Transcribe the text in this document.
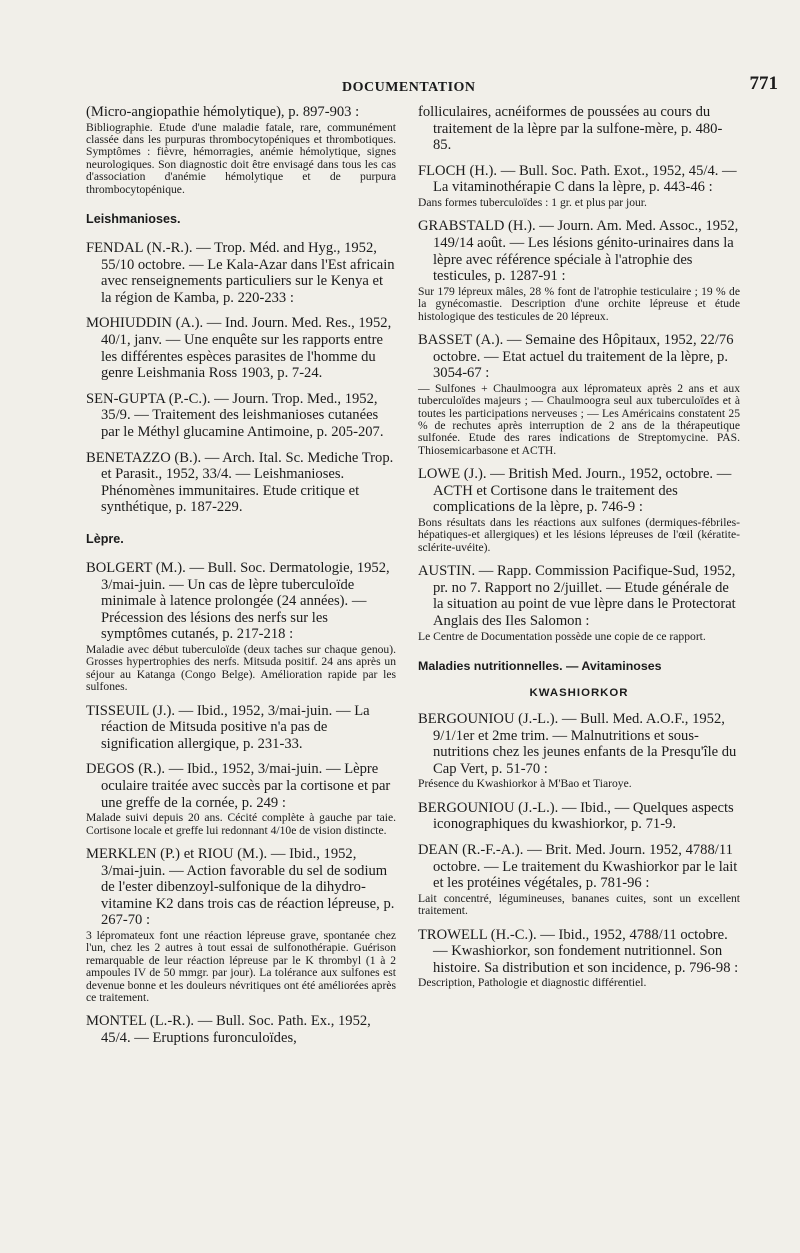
DOCUMENTATION	771
(Micro-angiopathie hémolytique), p. 897-903 :
Bibliographie. Etude d'une maladie fatale, rare, communément classée dans les purpuras thrombocytopéniques et thrombotiques. Symptômes : fièvre, hémorragies, anémie hémolytique, signes neurologiques. Son diagnostic doit être envisagé dans tous les cas d'association d'anémie hémolytique et de purpura thrombocytopénique.
Leishmanioses.
FENDAL (N.-R.). — Trop. Méd. and Hyg., 1952, 55/10 octobre. — Le Kala-Azar dans l'Est africain avec renseignements particuliers sur le Kenya et la région de Kamba, p. 220-233 :
MOHIUDDIN (A.). — Ind. Journ. Med. Res., 1952, 40/1, janv. — Une enquête sur les rapports entre les différentes espèces parasites de l'homme du genre Leishmania Ross 1903, p. 7-24.
SEN-GUPTA (P.-C.). — Journ. Trop. Med., 1952, 35/9. — Traitement des leishmanioses cutanées par le Méthyl glucamine Antimoine, p. 205-207.
BENETAZZO (B.). — Arch. Ital. Sc. Mediche Trop. et Parasit., 1952, 33/4. — Leishmanioses. Phénomènes immunitaires. Etude critique et synthétique, p. 187-229.
Lèpre.
BOLGERT (M.). — Bull. Soc. Dermatologie, 1952, 3/mai-juin. — Un cas de lèpre tuberculoïde minimale à latence prolongée (24 années). — Précession des lésions des nerfs sur les symptômes cutanés, p. 217-218 :
Maladie avec début tuberculoïde (deux taches sur chaque genou). Grosses hypertrophies des nerfs. Mitsuda positif. 24 ans après un séjour au Katanga (Congo Belge). Amélioration rapide par les sulfones.
TISSEUIL (J.). — Ibid., 1952, 3/mai-juin. — La réaction de Mitsuda positive n'a pas de signification allergique, p. 231-33.
DEGOS (R.). — Ibid., 1952, 3/mai-juin. — Lèpre oculaire traitée avec succès par la cortisone et par une greffe de la cornée, p. 249 :
Malade suivi depuis 20 ans. Cécité complète à gauche par taie. Cortisone locale et greffe lui redonnant 4/10e de vision distincte.
MERKLEN (P.) et RIOU (M.). — Ibid., 1952, 3/mai-juin. — Action favorable du sel de sodium de l'ester dibenzoyl-sulfonique de la dihydro-vitamine K2 dans trois cas de réaction lépreuse, p. 267-70 :
3 lépromateux font une réaction lépreuse grave, spontanée chez l'un, chez les 2 autres à tout essai de sulfonothérapie. Guérison remarquable de leur réaction lépreuse par le K thrombyl (1 à 2 ampoules IV de 50 mmgr. par jour). La tolérance aux sulfones est devenue bonne et les douleurs névritiques ont été améliorées après ce traitement.
MONTEL (L.-R.). — Bull. Soc. Path. Ex., 1952, 45/4. — Eruptions furonculoïdes,
folliculaires, acnéiformes de poussées au cours du traitement de la lèpre par la sulfone-mère, p. 480-85.
FLOCH (H.). — Bull. Soc. Path. Exot., 1952, 45/4. — La vitaminothérapie C dans la lèpre, p. 443-46 :
Dans formes tuberculoïdes : 1 gr. et plus par jour.
GRABSTALD (H.). — Journ. Am. Med. Assoc., 1952, 149/14 août. — Les lésions génito-urinaires dans la lèpre avec référence spéciale à l'atrophie des testicules, p. 1287-91 :
Sur 179 lépreux mâles, 28 % font de l'atrophie testiculaire ; 19 % de la gynécomastie. Description d'une orchite lépreuse et étude histologique des testicules de 20 lépreux.
BASSET (A.). — Semaine des Hôpitaux, 1952, 22/76 octobre. — Etat actuel du traitement de la lèpre, p. 3054-67 :
— Sulfones + Chaulmoogra aux lépromateux après 2 ans et aux tuberculoïdes majeurs ; — Chaulmoogra seul aux tuberculoïdes et à toutes les participations nerveuses ; — Les Américains constatent 25 % de rechutes après interruption de 2 ans de la thérapeutique sulfonée. Etude des rares indications de Streptomycine. PAS. Thiosemicarbasone et ACTH.
LOWE (J.). — British Med. Journ., 1952, octobre. — ACTH et Cortisone dans le traitement des complications de la lèpre, p. 746-9 :
Bons résultats dans les réactions aux sulfones (dermiques-fébriles-hépatiques-et allergiques) et les lésions lépreuses de l'œil (kératite-sclérite-uvéite).
AUSTIN. — Rapp. Commission Pacifique-Sud, 1952, pr. no 7. Rapport no 2/juillet. — Etude générale de la situation au point de vue lèpre dans le Protectorat Anglais des Iles Salomon :
Le Centre de Documentation possède une copie de ce rapport.
Maladies nutritionnelles. — Avitaminoses
KWASHIORKOR
BERGOUNIOU (J.-L.). — Bull. Med. A.O.F., 1952, 9/1/1er et 2me trim. — Malnutritions et sous-nutritions chez les jeunes enfants de la Presqu'île du Cap Vert, p. 51-70 :
Présence du Kwashiorkor à M'Bao et Tiaroye.
BERGOUNIOU (J.-L.). — Ibid., — Quelques aspects iconographiques du kwashiorkor, p. 71-9.
DEAN (R.-F.-A.). — Brit. Med. Journ. 1952, 4788/11 octobre. — Le traitement du Kwashiorkor par le lait et les protéines végétales, p. 781-96 :
Lait concentré, légumineuses, bananes cuites, sont un excellent traitement.
TROWELL (H.-C.). — Ibid., 1952, 4788/11 octobre. — Kwashiorkor, son fondement nutritionnel. Son histoire. Sa distribution et son incidence, p. 796-98 :
Description, Pathologie et diagnostic différentiel.
